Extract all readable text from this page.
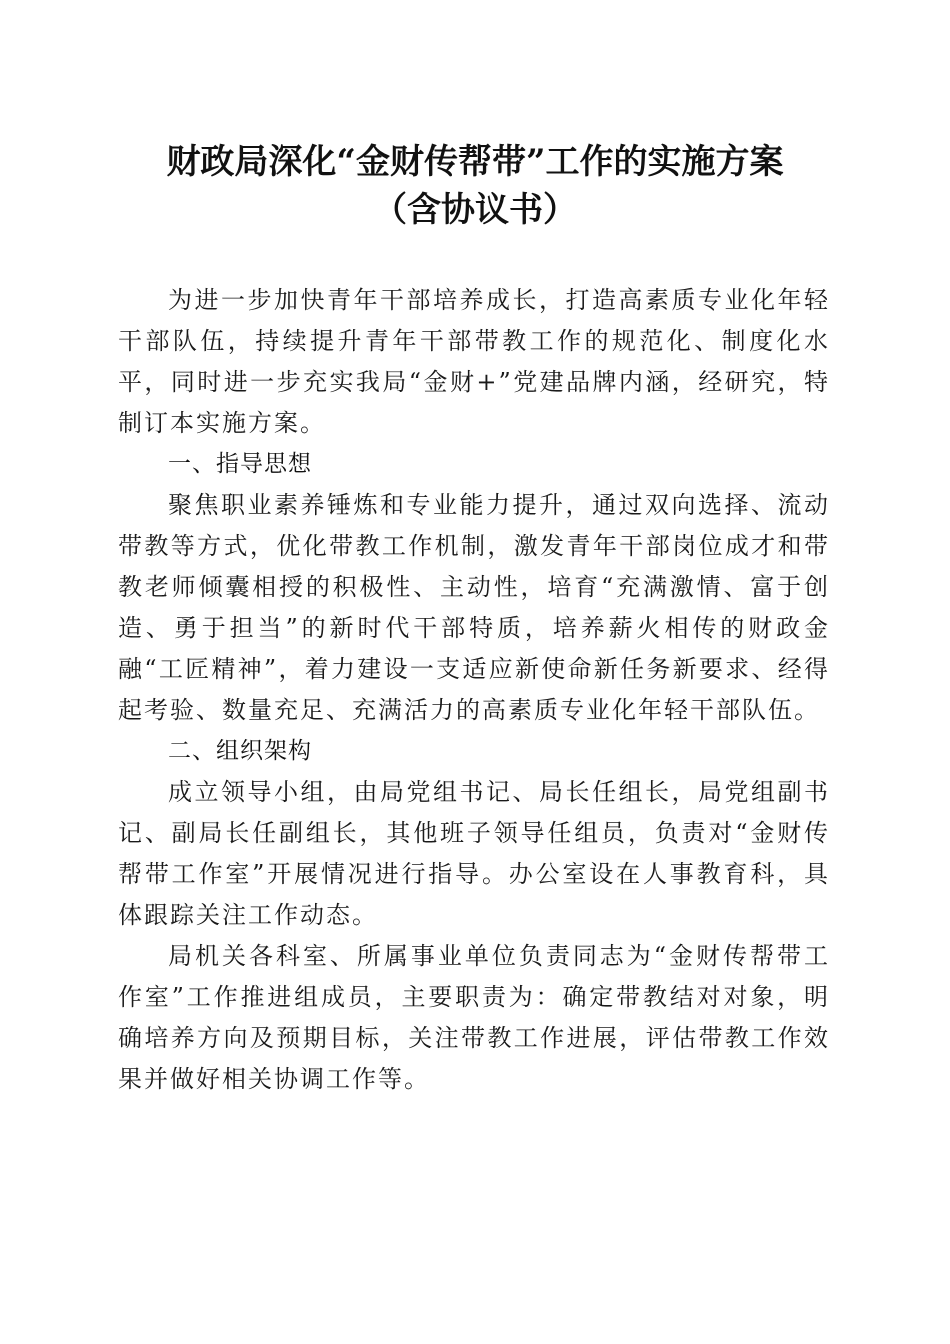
财政局深化“金财传帮带”工作的实施方案
（含协议书）

为进一步加快青年干部培养成长，打造高素质专业化年轻干部队伍，持续提升青年干部带教工作的规范化、制度化水平，同时进一步充实我局“金财+”党建品牌内涵，经研究，特制订本实施方案。

一、指导思想

聚焦职业素养锤炼和专业能力提升，通过双向选择、流动带教等方式，优化带教工作机制，激发青年干部岗位成才和带教老师倾囊相授的积极性、主动性，培育“充满激情、富于创造、勇于担当”的新时代干部特质，培养薪火相传的财政金融“工匠精神”，着力建设一支适应新使命新任务新要求、经得起考验、数量充足、充满活力的高素质专业化年轻干部队伍。

二、组织架构

成立领导小组，由局党组书记、局长任组长，局党组副书记、副局长任副组长，其他班子领导任组员，负责对“金财传帮带工作室”开展情况进行指导。办公室设在人事教育科，具体跟踪关注工作动态。

局机关各科室、所属事业单位负责同志为“金财传帮带工作室”工作推进组成员，主要职责为：确定带教结对对象，明确培养方向及预期目标，关注带教工作进展，评估带教工作效果并做好相关协调工作等。
